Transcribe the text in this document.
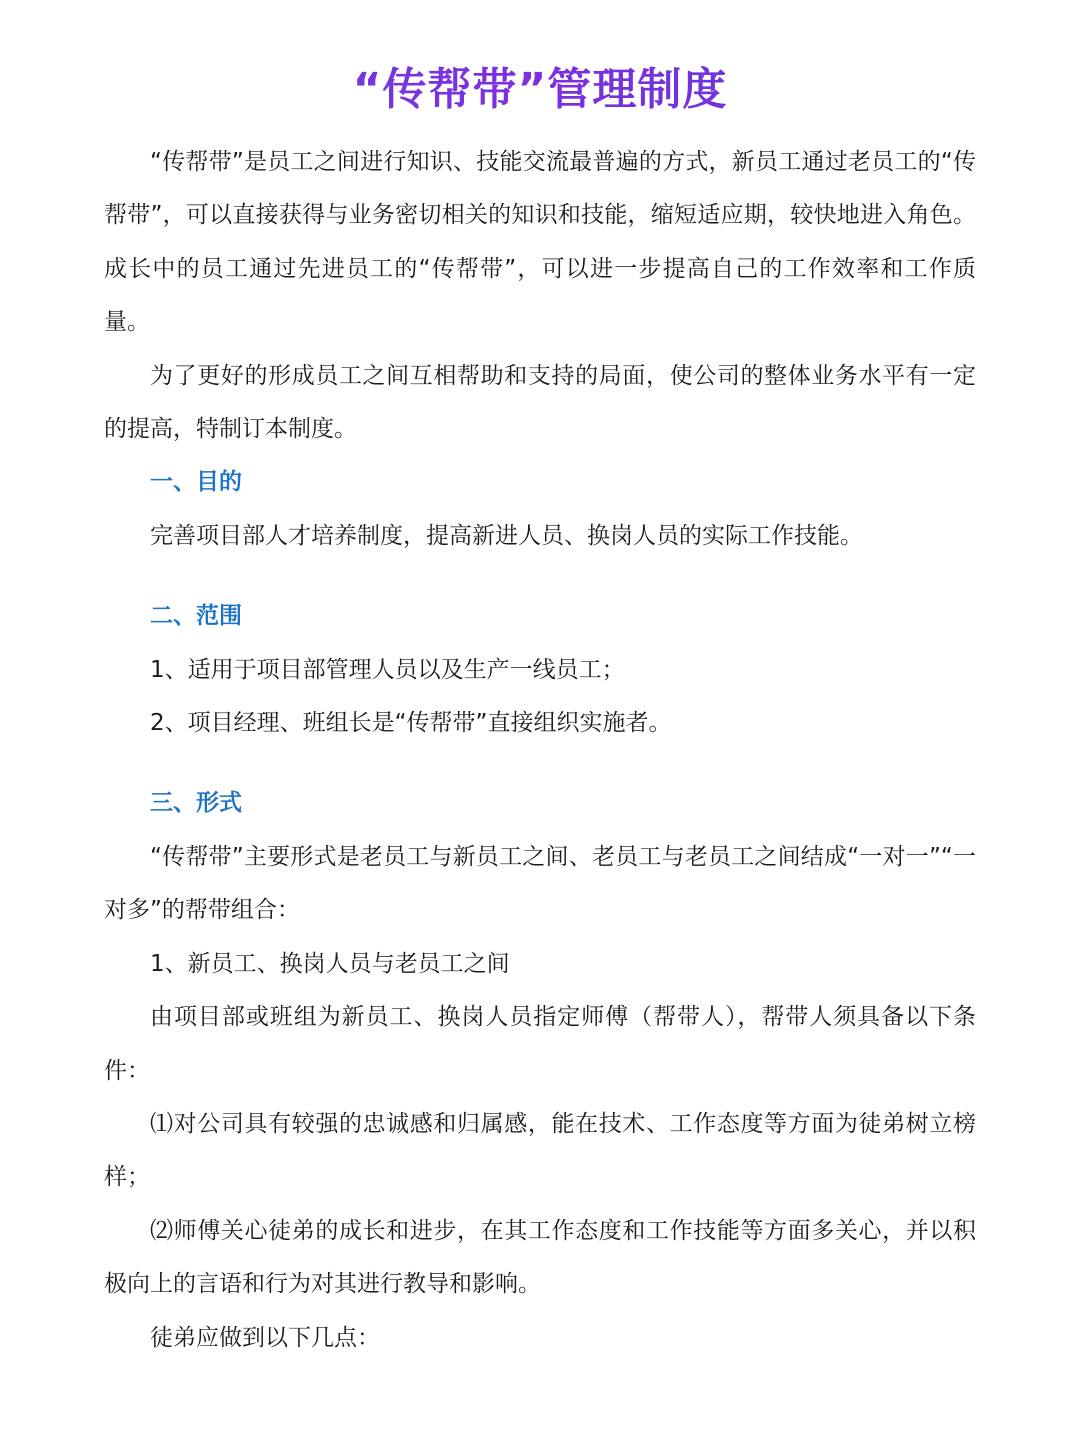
“传帮带”管理制度

“传帮带”是员工之间进行知识、技能交流最普遍的方式，新员工通过老员工的“传帮带”，可以直接获得与业务密切相关的知识和技能，缩短适应期，较快地进入角色。成长中的员工通过先进员工的“传帮带”，可以进一步提高自己的工作效率和工作质量。

为了更好的形成员工之间互相帮助和支持的局面，使公司的整体业务水平有一定的提高，特制订本制度。

一、目的

完善项目部人才培养制度，提高新进人员、换岗人员的实际工作技能。

二、范围

1、适用于项目部管理人员以及生产一线员工；

2、项目经理、班组长是“传帮带”直接组织实施者。

三、形式

“传帮带”主要形式是老员工与新员工之间、老员工与老员工之间结成“一对一”“一对多”的帮带组合：

1、新员工、换岗人员与老员工之间

由项目部或班组为新员工、换岗人员指定师傅（帮带人），帮带人须具备以下条件：

⑴对公司具有较强的忠诚感和归属感，能在技术、工作态度等方面为徒弟树立榜样；

⑵师傅关心徒弟的成长和进步，在其工作态度和工作技能等方面多关心，并以积极向上的言语和行为对其进行教导和影响。

徒弟应做到以下几点：
